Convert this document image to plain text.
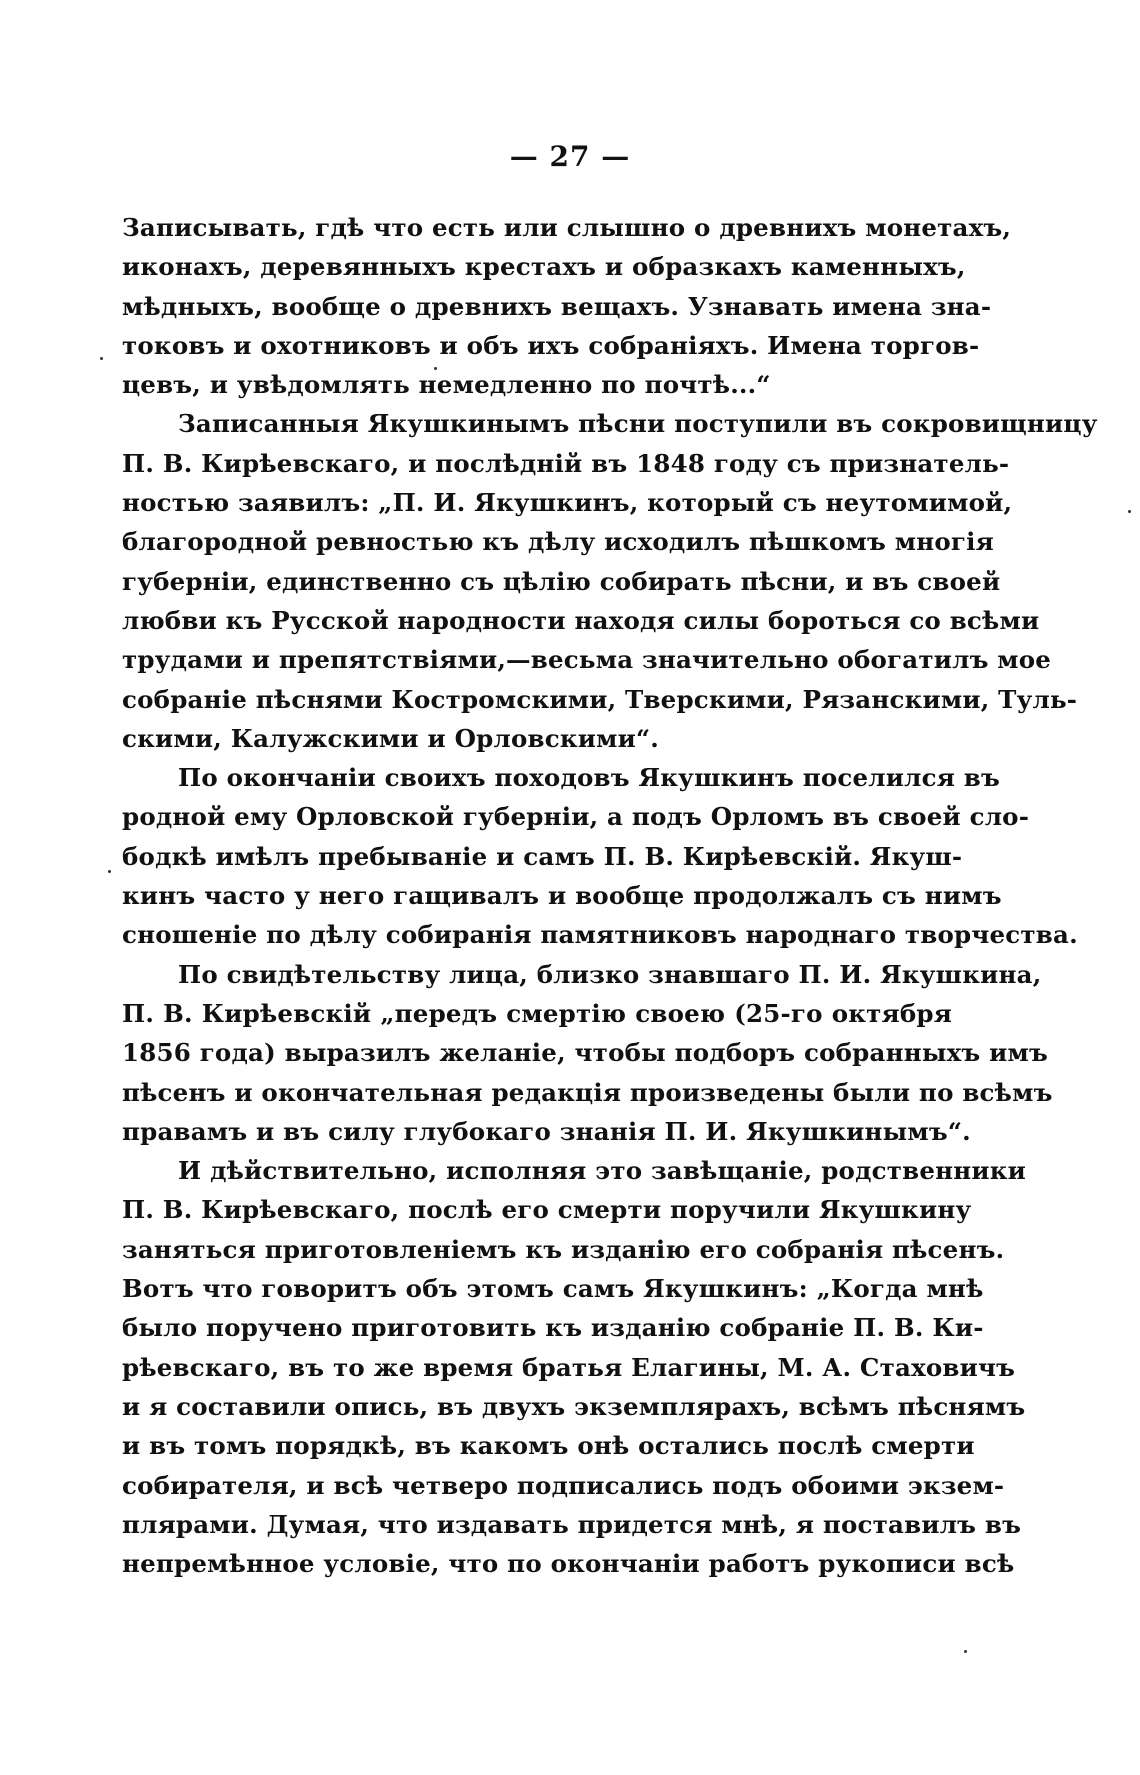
— 27 —
Записывать, гдѣ что есть или слышно о древнихъ монетахъ,
иконахъ, деревянныхъ крестахъ и образкахъ каменныхъ,
мѣдныхъ, вообще о древнихъ вещахъ. Узнавать имена зна-
токовъ и охотниковъ и объ ихъ собраніяхъ. Имена торгов-
цевъ, и увѣдомлять немедленно по почтѣ...“
Записанныя Якушкинымъ пѣсни поступили въ сокровищницу
П. В. Кирѣевскаго, и послѣдній въ 1848 году съ признатель-
ностью заявилъ: „П. И. Якушкинъ, который съ неутомимой,
благородной ревностью къ дѣлу исходилъ пѣшкомъ многія
губерніи, единственно съ цѣлію собирать пѣсни, и въ своей
любви къ Русской народности находя силы бороться со всѣми
трудами и препятствіями,—весьма значительно обогатилъ мое
собраніе пѣснями Костромскими, Тверскими, Рязанскими, Туль-
скими, Калужскими и Орловскими“.
По окончаніи своихъ походовъ Якушкинъ поселился въ
родной ему Орловской губерніи, а подъ Орломъ въ своей сло-
бодкѣ имѣлъ пребываніе и самъ П. В. Кирѣевскій. Якуш-
кинъ часто у него гащивалъ и вообще продолжалъ съ нимъ
сношеніе по дѣлу собиранія памятниковъ народнаго творчества.
По свидѣтельству лица, близко знавшаго П. И. Якушкина,
П. В. Кирѣевскій „передъ смертію своею (25-го октября
1856 года) выразилъ желаніе, чтобы подборъ собранныхъ имъ
пѣсенъ и окончательная редакція произведены были по всѣмъ
правамъ и въ силу глубокаго знанія П. И. Якушкинымъ“.
И дѣйствительно, исполняя это завѣщаніе, родственники
П. В. Кирѣевскаго, послѣ его смерти поручили Якушкину
заняться приготовленіемъ къ изданію его собранія пѣсенъ.
Вотъ что говоритъ объ этомъ самъ Якушкинъ: „Когда мнѣ
было поручено приготовить къ изданію собраніе П. В. Ки-
рѣевскаго, въ то же время братья Елагины, М. А. Стаховичъ
и я составили опись, въ двухъ экземплярахъ, всѣмъ пѣснямъ
и въ томъ порядкѣ, въ какомъ онѣ остались послѣ смерти
собирателя, и всѣ четверо подписались подъ обоими экзем-
плярами. Думая, что издавать придется мнѣ, я поставилъ въ
непремѣнное условіе, что по окончаніи работъ рукописи всѣ
